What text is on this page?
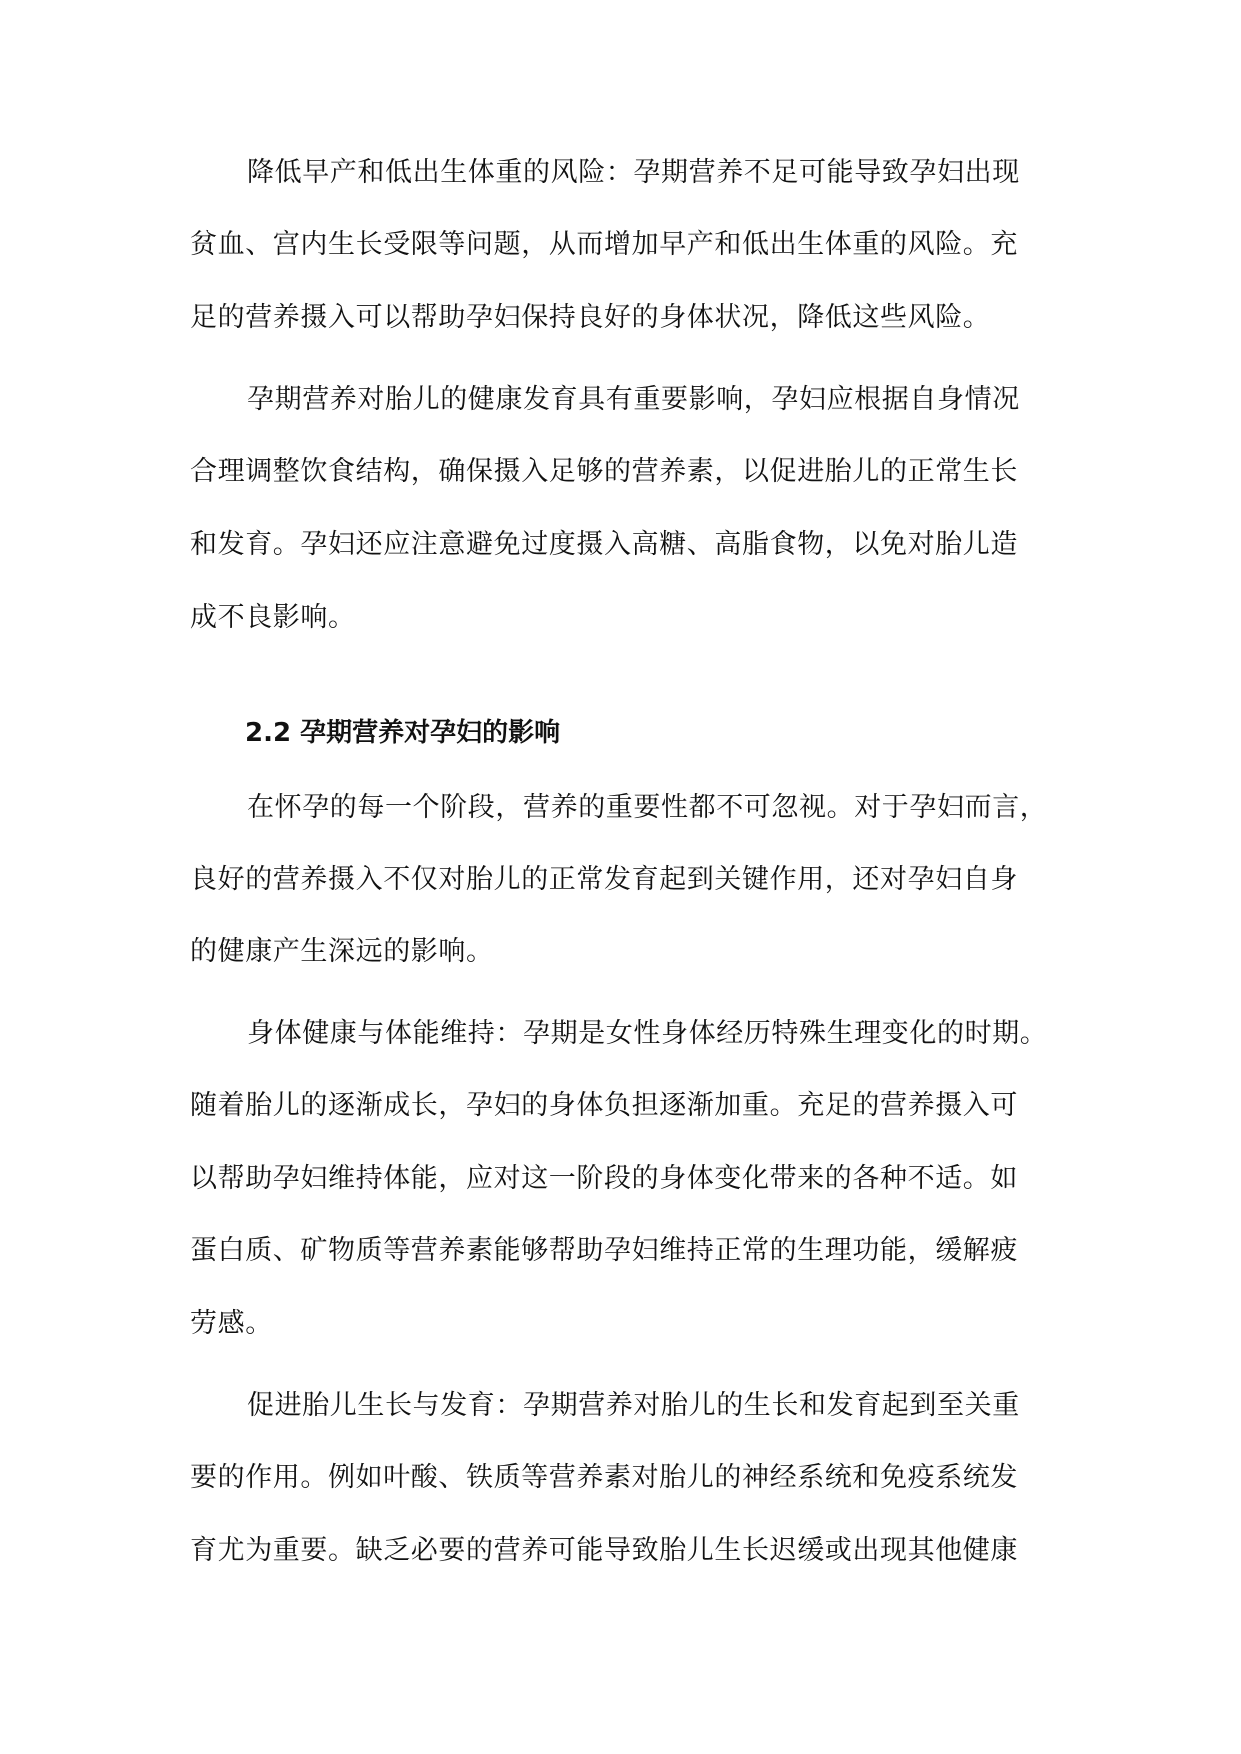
降低早产和低出生体重的风险：孕期营养不足可能导致孕妇出现
贫血、宫内生长受限等问题，从而增加早产和低出生体重的风险。充
足的营养摄入可以帮助孕妇保持良好的身体状况，降低这些风险。
孕期营养对胎儿的健康发育具有重要影响，孕妇应根据自身情况
合理调整饮食结构，确保摄入足够的营养素，以促进胎儿的正常生长
和发育。孕妇还应注意避免过度摄入高糖、高脂食物，以免对胎儿造
成不良影响。
2.2 孕期营养对孕妇的影响
在怀孕的每一个阶段，营养的重要性都不可忽视。对于孕妇而言，
良好的营养摄入不仅对胎儿的正常发育起到关键作用，还对孕妇自身
的健康产生深远的影响。
身体健康与体能维持：孕期是女性身体经历特殊生理变化的时期。
随着胎儿的逐渐成长，孕妇的身体负担逐渐加重。充足的营养摄入可
以帮助孕妇维持体能，应对这一阶段的身体变化带来的各种不适。如
蛋白质、矿物质等营养素能够帮助孕妇维持正常的生理功能，缓解疲
劳感。
促进胎儿生长与发育：孕期营养对胎儿的生长和发育起到至关重
要的作用。例如叶酸、铁质等营养素对胎儿的神经系统和免疫系统发
育尤为重要。缺乏必要的营养可能导致胎儿生长迟缓或出现其他健康
